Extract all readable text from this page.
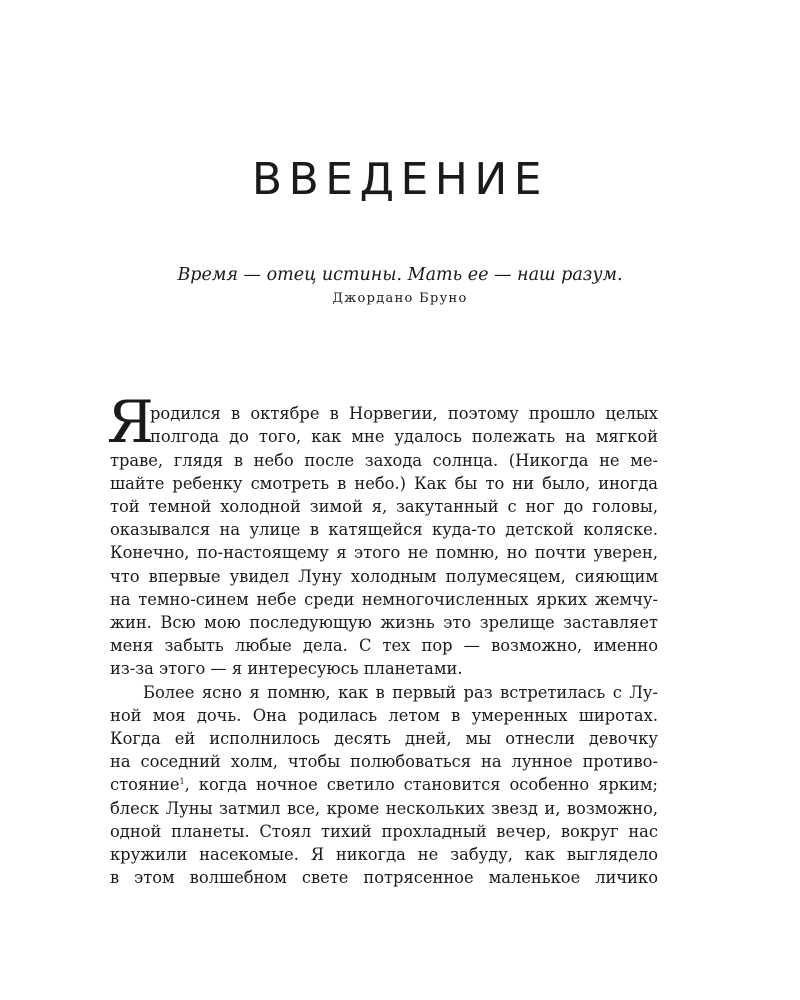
ВВЕДЕНИЕ
Время — отец истины. Мать ее — наш разум.
Джордано Бруно
Я
родился в октябре в Норвегии, поэтому прошло целых
полгода до того, как мне удалось полежать на мягкой
траве, глядя в небо после захода солнца. (Никогда не ме-
шайте ребенку смотреть в небо.) Как бы то ни было, иногда
той темной холодной зимой я, закутанный с ног до головы,
оказывался на улице в катящейся куда-то детской коляске.
Конечно, по-настоящему я этого не помню, но почти уверен,
что впервые увидел Луну холодным полумесяцем, сияющим
на темно-синем небе среди немногочисленных ярких жемчу-
жин. Всю мою последующую жизнь это зрелище заставляет
меня забыть любые дела. С тех пор — возможно, именно
из-за этого — я интересуюсь планетами.
Более ясно я помню, как в первый раз встретилась с Лу-
ной моя дочь. Она родилась летом в умеренных широтах.
Когда ей исполнилось десять дней, мы отнесли девочку
на соседний холм, чтобы полюбоваться на лунное противо-
стояние$^1$, когда ночное светило становится особенно ярким;
блеск Луны затмил все, кроме нескольких звезд и, возможно,
одной планеты. Стоял тихий прохладный вечер, вокруг нас
кружили насекомые. Я никогда не забуду, как выглядело
в этом волшебном свете потрясенное маленькое личико
